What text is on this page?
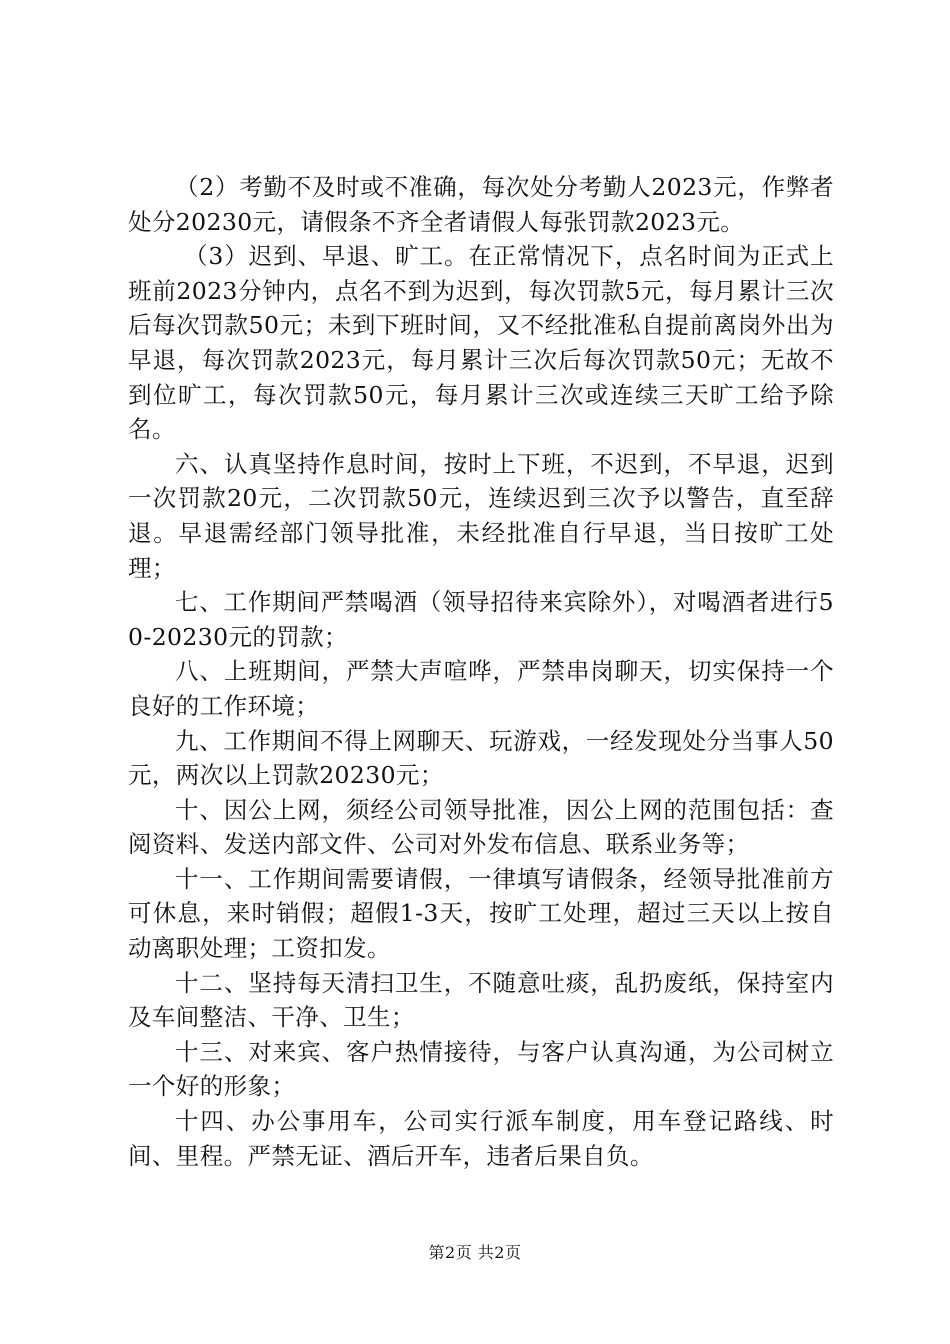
（2）考勤不及时或不准确，每次处分考勤人2023元，作弊者处分20230元，请假条不齐全者请假人每张罚款2023元。

（3）迟到、早退、旷工。在正常情况下，点名时间为正式上班前2023分钟内，点名不到为迟到，每次罚款5元，每月累计三次后每次罚款50元；未到下班时间，又不经批准私自提前离岗外出为早退，每次罚款2023元，每月累计三次后每次罚款50元；无故不到位旷工，每次罚款50元，每月累计三次或连续三天旷工给予除名。

六、认真坚持作息时间，按时上下班，不迟到，不早退，迟到一次罚款20元，二次罚款50元，连续迟到三次予以警告，直至辞退。早退需经部门领导批准，未经批准自行早退，当日按旷工处理；

七、工作期间严禁喝酒（领导招待来宾除外），对喝酒者进行50-20230元的罚款；

八、上班期间，严禁大声喧哗，严禁串岗聊天，切实保持一个良好的工作环境；

九、工作期间不得上网聊天、玩游戏，一经发现处分当事人50元，两次以上罚款20230元；

十、因公上网，须经公司领导批准，因公上网的范围包括：查阅资料、发送内部文件、公司对外发布信息、联系业务等；

十一、工作期间需要请假，一律填写请假条，经领导批准前方可休息，来时销假；超假1-3天，按旷工处理，超过三天以上按自动离职处理；工资扣发。

十二、坚持每天清扫卫生，不随意吐痰，乱扔废纸，保持室内及车间整洁、干净、卫生；

十三、对来宾、客户热情接待，与客户认真沟通，为公司树立一个好的形象；

十四、办公事用车，公司实行派车制度，用车登记路线、时间、里程。严禁无证、酒后开车，违者后果自负。

第2页 共2页
